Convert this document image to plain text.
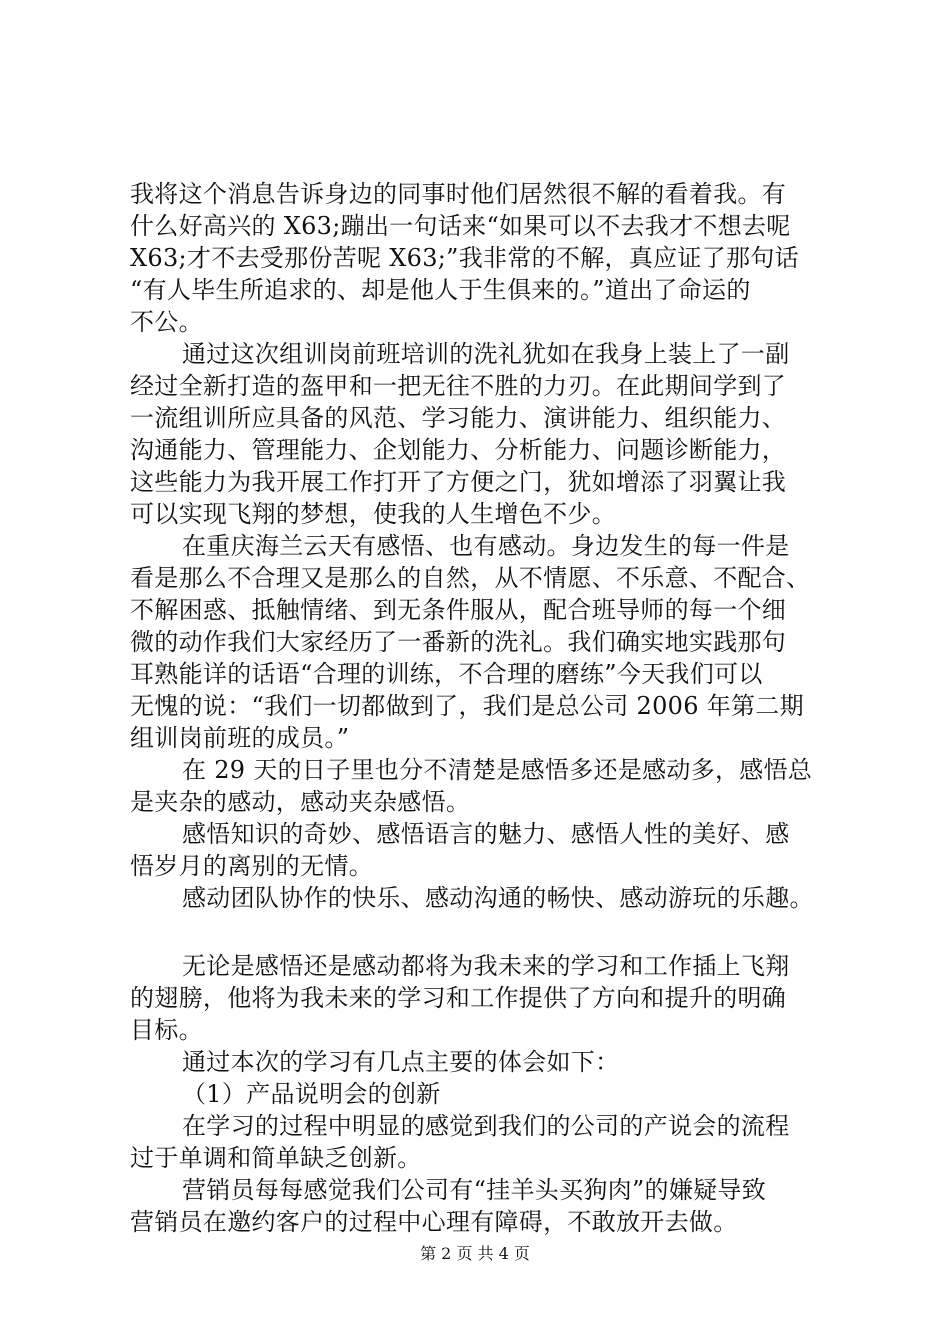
我将这个消息告诉身边的同事时他们居然很不解的看着我。有
什么好高兴的 X63;蹦出一句话来“如果可以不去我才不想去呢
X63;才不去受那份苦呢 X63;”我非常的不解，真应证了那句话
“有人毕生所追求的、却是他人于生俱来的。”道出了命运的
不公。
通过这次组训岗前班培训的洗礼犹如在我身上装上了一副
经过全新打造的盔甲和一把无往不胜的力刃。在此期间学到了
一流组训所应具备的风范、学习能力、演讲能力、组织能力、
沟通能力、管理能力、企划能力、分析能力、问题诊断能力，
这些能力为我开展工作打开了方便之门，犹如增添了羽翼让我
可以实现飞翔的梦想，使我的人生增色不少。
在重庆海兰云天有感悟、也有感动。身边发生的每一件是
看是那么不合理又是那么的自然，从不情愿、不乐意、不配合、
不解困惑、抵触情绪、到无条件服从，配合班导师的每一个细
微的动作我们大家经历了一番新的洗礼。我们确实地实践那句
耳熟能详的话语“合理的训练，不合理的磨练”今天我们可以
无愧的说：“我们一切都做到了，我们是总公司 2006 年第二期
组训岗前班的成员。”
在 29 天的日子里也分不清楚是感悟多还是感动多，感悟总
是夹杂的感动，感动夹杂感悟。
感悟知识的奇妙、感悟语言的魅力、感悟人性的美好、感
悟岁月的离别的无情。
感动团队协作的快乐、感动沟通的畅快、感动游玩的乐趣。
无论是感悟还是感动都将为我未来的学习和工作插上飞翔
的翅膀，他将为我未来的学习和工作提供了方向和提升的明确
目标。
通过本次的学习有几点主要的体会如下：
（1）产品说明会的创新
在学习的过程中明显的感觉到我们的公司的产说会的流程
过于单调和简单缺乏创新。
营销员每每感觉我们公司有“挂羊头买狗肉”的嫌疑导致
营销员在邀约客户的过程中心理有障碍，不敢放开去做。
第 2 页 共 4 页
